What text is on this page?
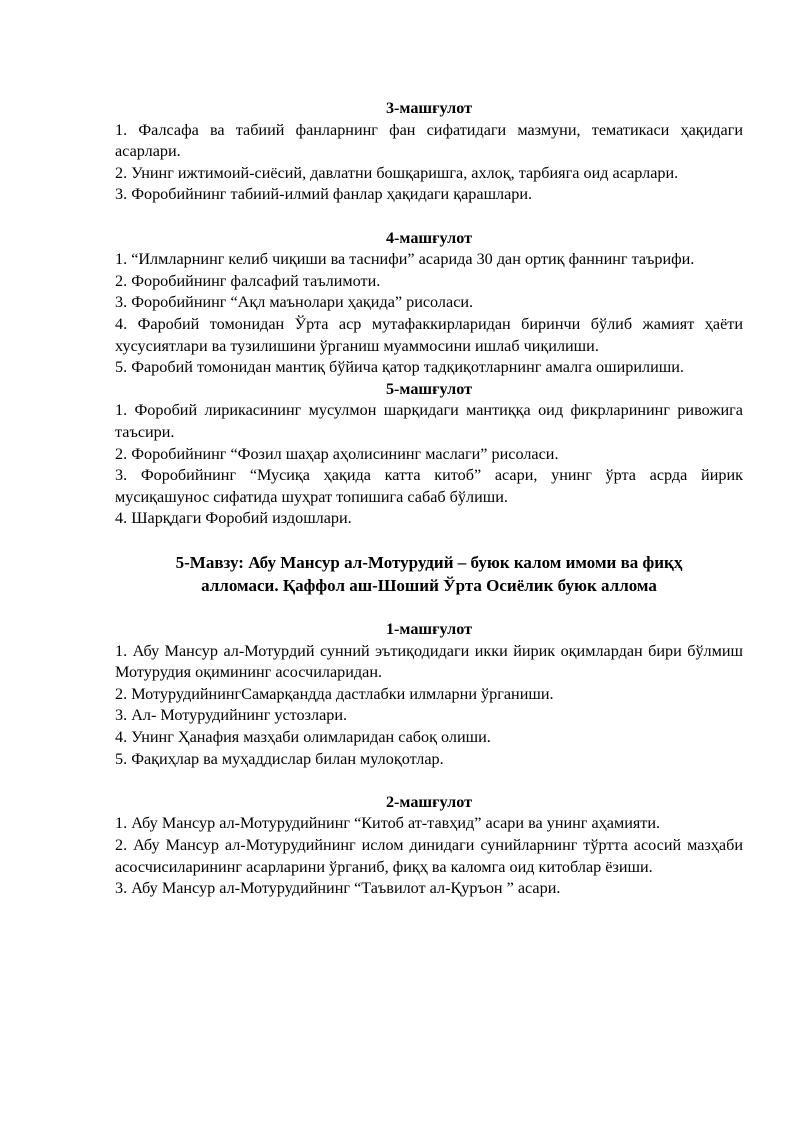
3-машғулот

1. Фалсафа ва табиий фанларнинг фан сифатидаги мазмуни, тематикаси ҳақидаги асарлари.

2. Унинг ижтимоий-сиёсий, давлатни бошқаришга, ахлоқ, тарбияга оид асарлари.

3. Форобийнинг табиий-илмий фанлар ҳақидаги қарашлари.

4-машғулот

1. “Илмларнинг келиб чиқиши ва таснифи” асарида 30 дан ортиқ фаннинг таърифи.

2. Форобийнинг фалсафий таълимоти.

3. Форобийнинг “Ақл маънолари ҳақида” рисоласи.

4. Фаробий томонидан Ўрта аср мутафаккирларидан биринчи бўлиб жамият ҳаёти хусусиятлари ва тузилишини ўрганиш муаммосини ишлаб чиқилиши.

5. Фаробий томонидан мантиқ бўйича қатор тадқиқотларнинг амалга оширилиши.

5-машғулот

1. Форобий лирикасининг мусулмон шарқидаги мантиққа оид фикрларининг ривожига таъсири.

2. Форобийнинг “Фозил шаҳар аҳолисининг маслаги” рисоласи.

3. Форобийнинг “Мусиқа ҳақида катта китоб” асари, унинг ўрта асрда йирик мусиқашунос сифатида шуҳрат топишига сабаб бўлиши.

4. Шарқдаги Форобий издошлари.

5-Мавзу: Абу Мансур ал-Мотурудий – буюк калом имоми ва фиқҳ

алломаси. Қаффол аш-Шоший Ўрта Осиёлик буюк аллома

1-машғулот

1. Абу Мансур ал-Мотурдий сунний эътиқодидаги икки йирик оқимлардан бири бўлмиш Мотурудия оқимининг асосчиларидан.

2. МотурудийнингСамарқандда дастлабки илмларни ўрганиши.

3. Ал- Мотурудийнинг устозлари.

4. Унинг Ҳанафия мазҳаби олимларидан сабоқ олиши.

5. Фақиҳлар ва муҳаддислар билан мулоқотлар.

2-машғулот

1. Абу Мансур ал-Мотурудийнинг “Китоб ат-тавҳид” асари ва унинг аҳамияти.

2. Абу Мансур ал-Мотурудийнинг ислом динидаги сунийларнинг тўртта асосий мазҳаби асосчисиларининг асарларини ўрганиб, фиқҳ ва каломга оид китоблар ёзиши.

3. Абу Мансур ал-Мотурудийнинг “Таъвилот ал-Қуръон ” асари.
